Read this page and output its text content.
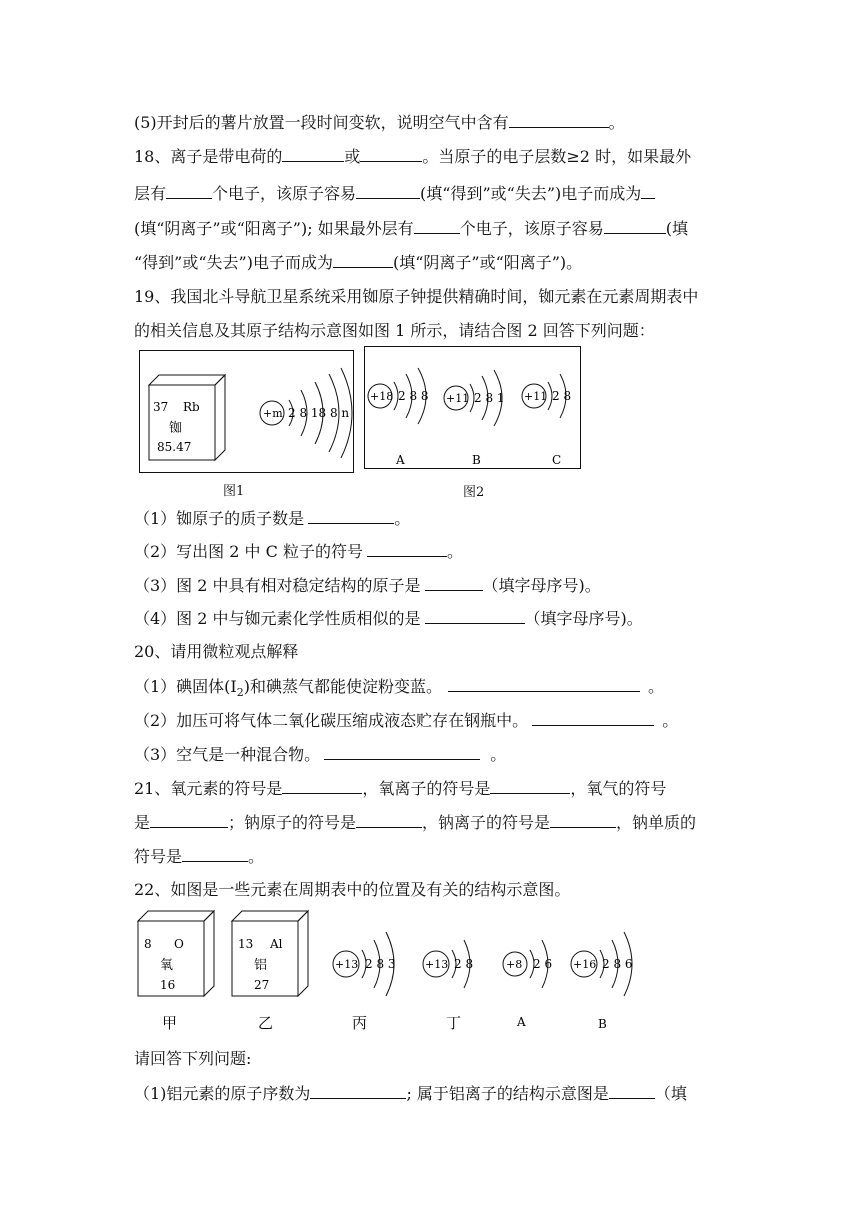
(5)开封后的薯片放置一段时间变软，说明空气中含有	。
18、离子是带电荷的	或	。当原子的电子层数≥2 时，如果最外
层有	个电子，该原子容易	(填“得到”或“失去”)电子而成为
(填“阴离子”或“阳离子”); 如果最外层有	个电子，该原子容易	(填
“得到”或“失去”)电子而成为	(填“阴离子”或“阳离子”)。
19、我国北斗导航卫星系统采用铷原子钟提供精确时间，铷元素在元素周期表中
的相关信息及其原子结构示意图如图 1 所示，请结合图 2 回答下列问题：
37 Rb
铷
85.47
+m 2 8 18 8 n
图1
+18 2 8 8
A
+11 2 8 1
B
+11 2 8
C
图2
（1）铷原子的质子数是	。
（2）写出图 2 中 C 粒子的符号	。
（3）图 2 中具有相对稳定结构的原子是	（填字母序号)。
（4）图 2 中与铷元素化学性质相似的是	（填字母序号)。
20、请用微粒观点解释
（1）碘固体$(I_2)$和碘蒸气都能使淀粉变蓝。	。
（2）加压可将气体二氧化碳压缩成液态贮存在钢瓶中。	。
（3）空气是一种混合物。	。
21、氧元素的符号是	，氧离子的符号是	，氧气的符号
是	；钠原子的符号是	，钠离子的符号是	，钠单质的
符号是	。
22、如图是一些元素在周期表中的位置及有关的结构示意图。
8 O
氧
16
甲
13 Al
铝
27
乙
+13 2 8 3
丙
+13 2 8
丁
+8 2 6
A
+16 2 8 6
B
请回答下列问题:
（1)铝元素的原子序数为	; 属于铝离子的结构示意图是	（填
